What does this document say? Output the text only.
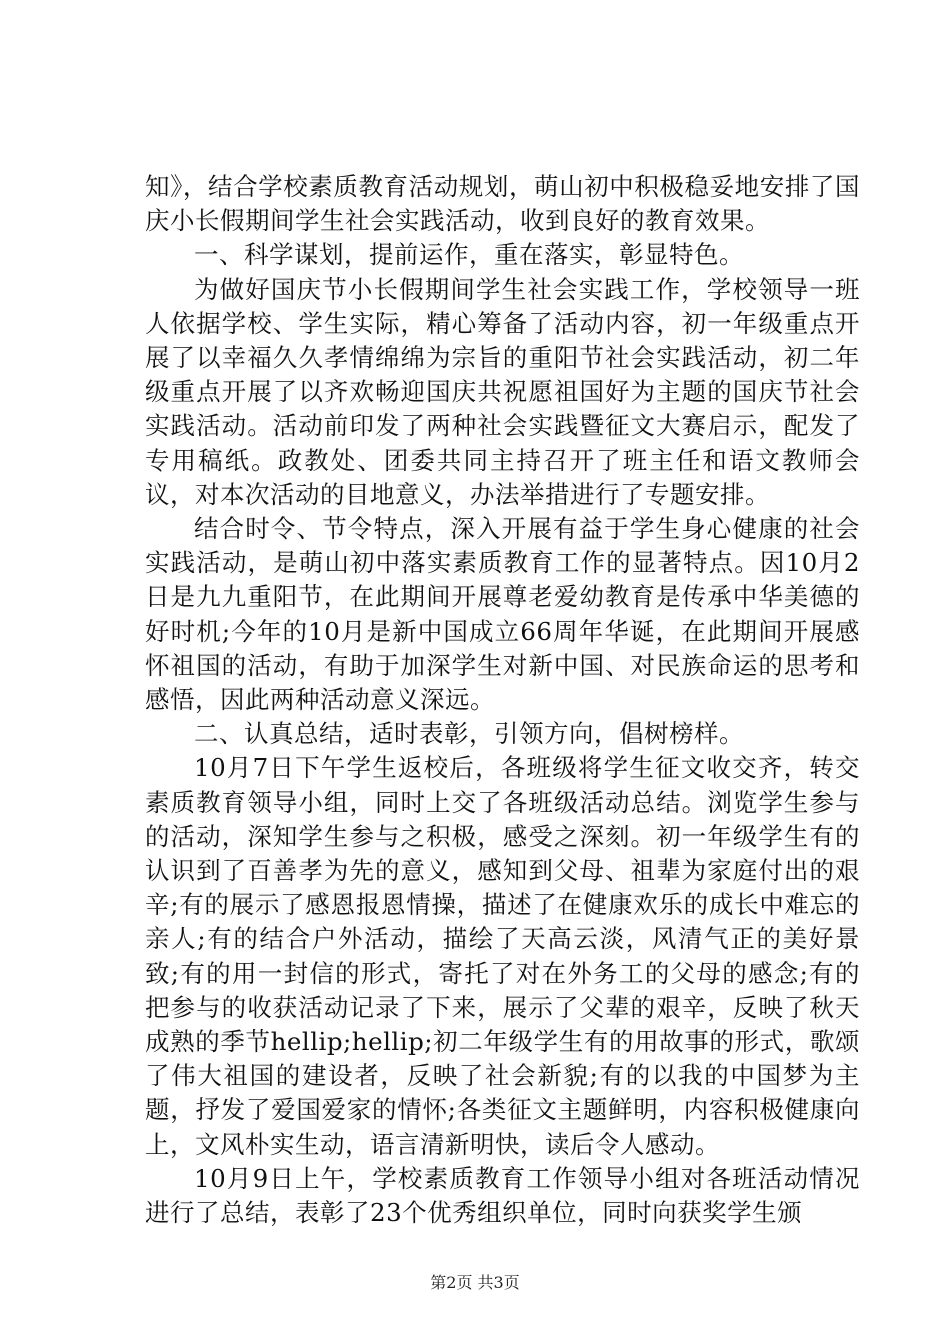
知》，结合学校素质教育活动规划，萌山初中积极稳妥地安排了国庆小长假期间学生社会实践活动，收到良好的教育效果。

一、科学谋划，提前运作，重在落实，彰显特色。

为做好国庆节小长假期间学生社会实践工作，学校领导一班人依据学校、学生实际，精心筹备了活动内容，初一年级重点开展了以幸福久久孝情绵绵为宗旨的重阳节社会实践活动，初二年级重点开展了以齐欢畅迎国庆共祝愿祖国好为主题的国庆节社会实践活动。活动前印发了两种社会实践暨征文大赛启示，配发了专用稿纸。政教处、团委共同主持召开了班主任和语文教师会议，对本次活动的目地意义，办法举措进行了专题安排。

结合时令、节令特点，深入开展有益于学生身心健康的社会实践活动，是萌山初中落实素质教育工作的显著特点。因10月2日是九九重阳节，在此期间开展尊老爱幼教育是传承中华美德的好时机;今年的10月是新中国成立66周年华诞，在此期间开展感怀祖国的活动，有助于加深学生对新中国、对民族命运的思考和感悟，因此两种活动意义深远。

二、认真总结，适时表彰，引领方向，倡树榜样。

10月7日下午学生返校后，各班级将学生征文收交齐，转交素质教育领导小组，同时上交了各班级活动总结。浏览学生参与的活动，深知学生参与之积极，感受之深刻。初一年级学生有的认识到了百善孝为先的意义，感知到父母、祖辈为家庭付出的艰辛;有的展示了感恩报恩情操，描述了在健康欢乐的成长中难忘的亲人;有的结合户外活动，描绘了天高云淡，风清气正的美好景致;有的用一封信的形式，寄托了对在外务工的父母的感念;有的把参与的收获活动记录了下来，展示了父辈的艰辛，反映了秋天成熟的季节hellip;hellip;初二年级学生有的用故事的形式，歌颂了伟大祖国的建设者，反映了社会新貌;有的以我的中国梦为主题，抒发了爱国爱家的情怀;各类征文主题鲜明，内容积极健康向上，文风朴实生动，语言清新明快，读后令人感动。

10月9日上午，学校素质教育工作领导小组对各班活动情况进行了总结，表彰了23个优秀组织单位，同时向获奖学生颁

第2页 共3页
